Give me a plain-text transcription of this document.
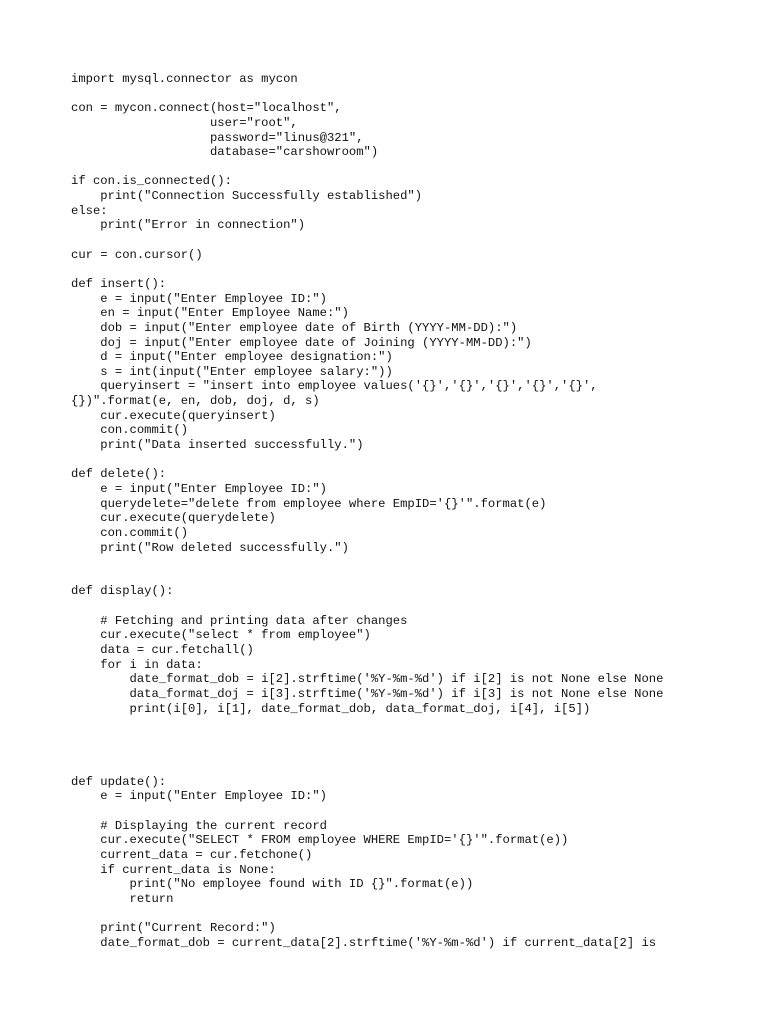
import mysql.connector as mycon
con = mycon.connect(host="localhost",
user="root",
password="linus@321",
database="carshowroom")
if con.is_connected():
print("Connection Successfully established")
else:
print("Error in connection")
cur = con.cursor()
def insert():
e = input("Enter Employee ID:")
en = input("Enter Employee Name:")
dob = input("Enter employee date of Birth (YYYY-MM-DD):")
doj = input("Enter employee date of Joining (YYYY-MM-DD):")
d = input("Enter employee designation:")
s = int(input("Enter employee salary:"))
queryinsert = "insert into employee values('{}','{}','{}','{}','{}',
{})".format(e, en, dob, doj, d, s)
cur.execute(queryinsert)
con.commit()
print("Data inserted successfully.")
def delete():
e = input("Enter Employee ID:")
querydelete="delete from employee where EmpID='{}'".format(e)
cur.execute(querydelete)
con.commit()
print("Row deleted successfully.")
def display():
# Fetching and printing data after changes
cur.execute("select * from employee")
data = cur.fetchall()
for i in data:
date_format_dob = i[2].strftime('%Y-%m-%d') if i[2] is not None else None
data_format_doj = i[3].strftime('%Y-%m-%d') if i[3] is not None else None
print(i[0], i[1], date_format_dob, data_format_doj, i[4], i[5])
def update():
e = input("Enter Employee ID:")
# Displaying the current record
cur.execute("SELECT * FROM employee WHERE EmpID='{}'".format(e))
current_data = cur.fetchone()
if current_data is None:
print("No employee found with ID {}".format(e))
return
print("Current Record:")
date_format_dob = current_data[2].strftime('%Y-%m-%d') if current_data[2] is
